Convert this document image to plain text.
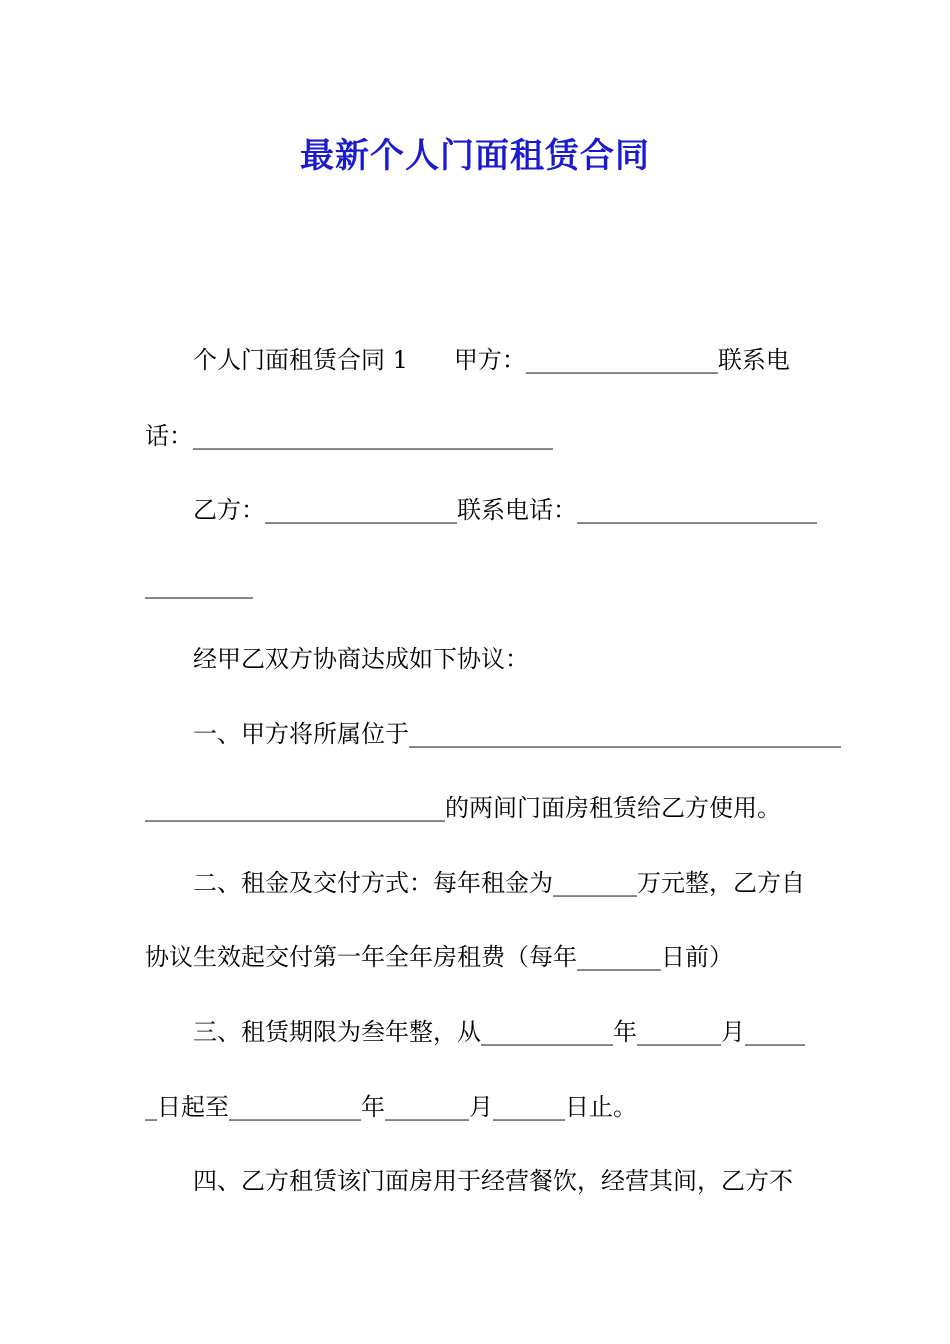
最新个人门面租赁合同
个人门面租赁合同 1 甲方：________________联系电
话：______________________________
乙方：________________联系电话：____________________
_________
经甲乙双方协商达成如下协议：
一、甲方将所属位于____________________________________
_________________________的两间门面房租赁给乙方使用。
二、租金及交付方式：每年租金为_______万元整，乙方自
协议生效起交付第一年全年房租费（每年_______日前）
三、租赁期限为叁年整，从___________年_______月_____
_日起至___________年_______月______日止。
四、乙方租赁该门面房用于经营餐饮，经营其间，乙方不
